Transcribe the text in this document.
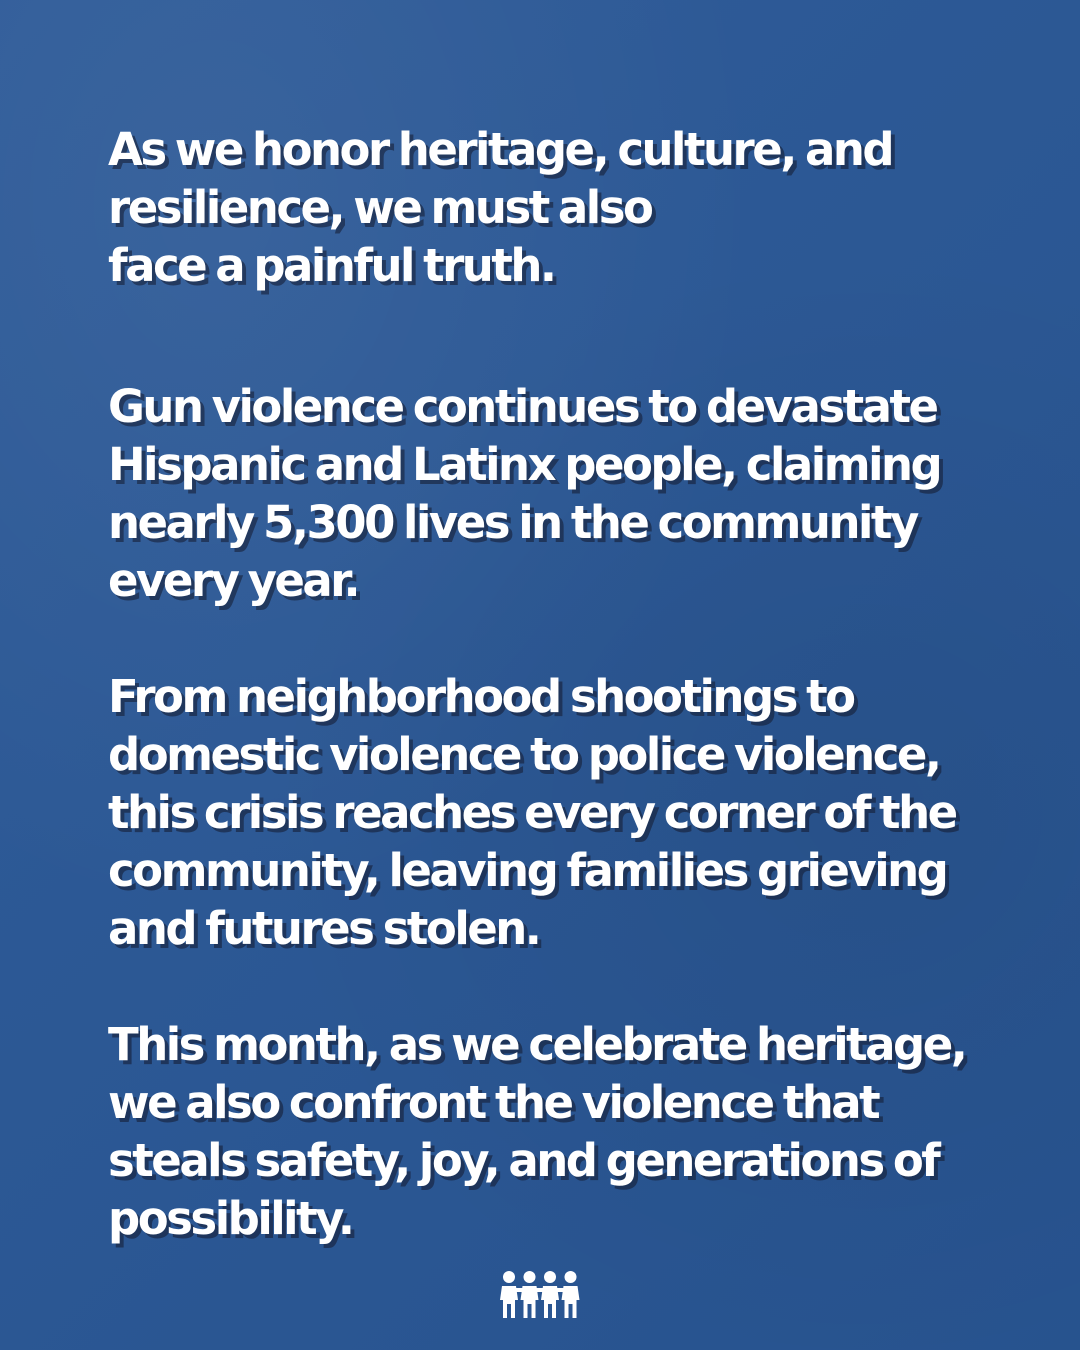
As we honor heritage, culture, and
resilience, we must also
face a painful truth.

Gun violence continues to devastate
Hispanic and Latinx people, claiming
nearly 5,300 lives in the community
every year.

From neighborhood shootings to
domestic violence to police violence,
this crisis reaches every corner of the
community, leaving families grieving
and futures stolen.

This month, as we celebrate heritage,
we also confront the violence that
steals safety, joy, and generations of
possibility.
